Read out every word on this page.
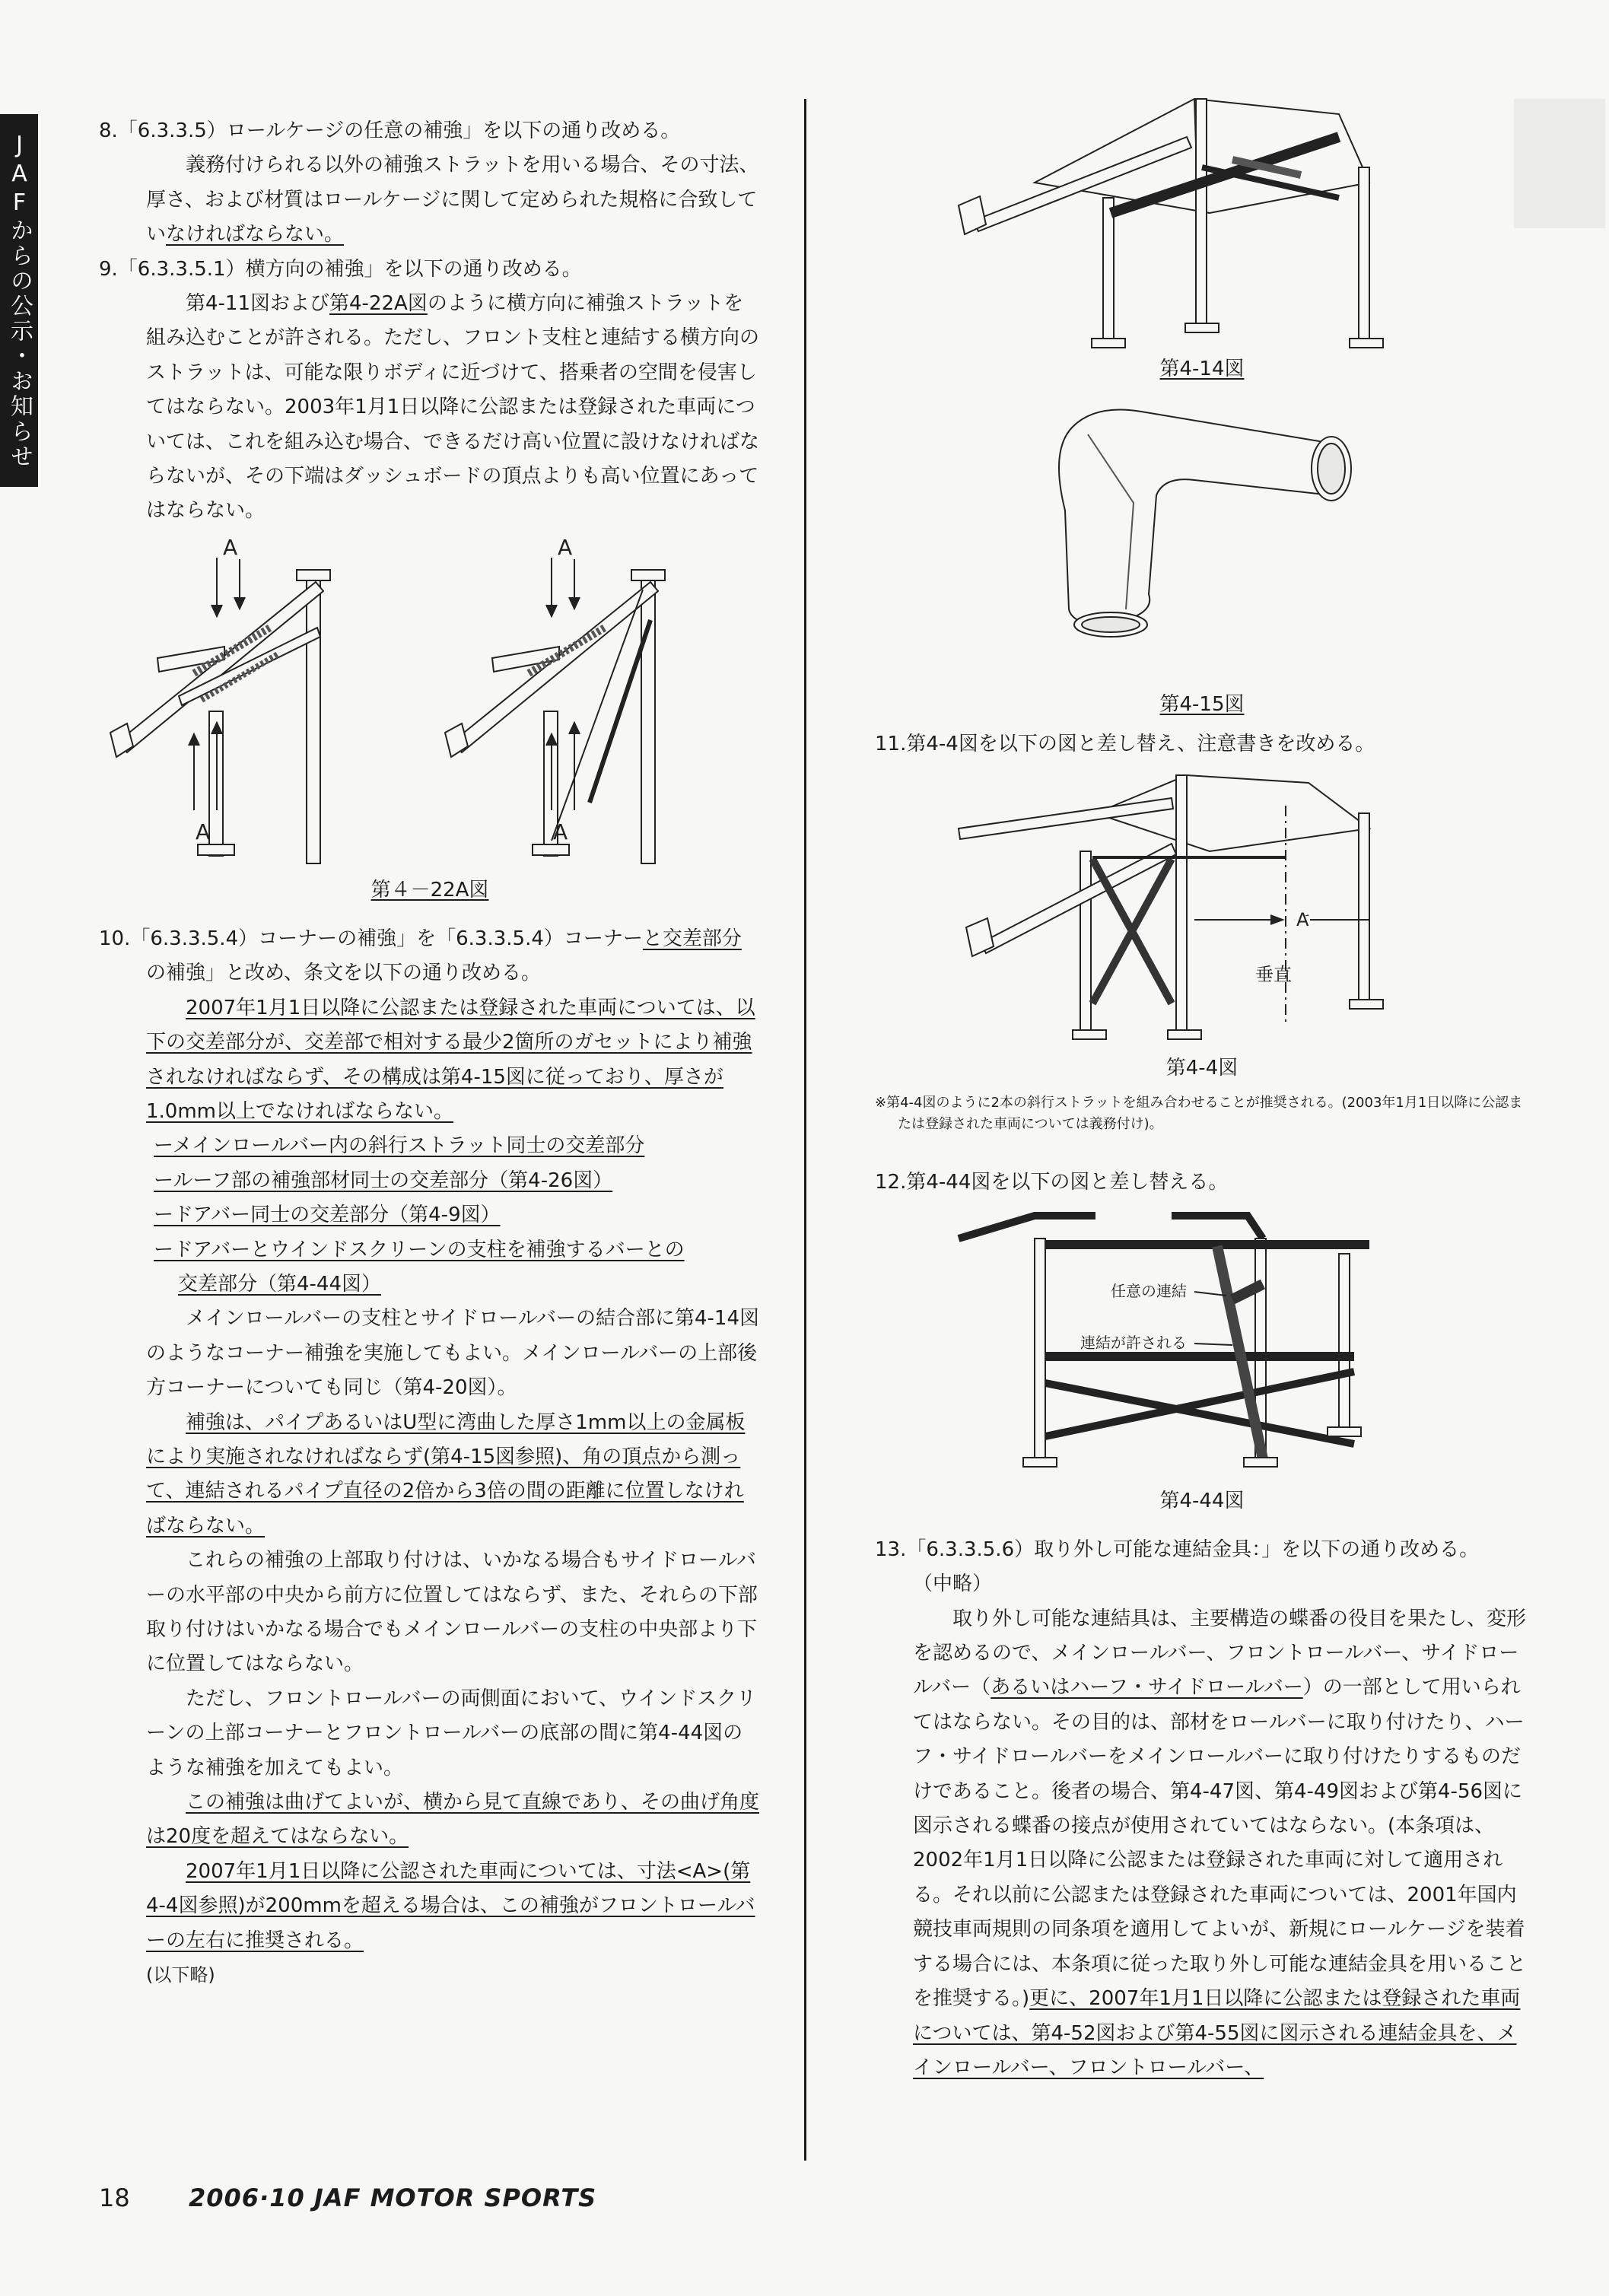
JAFからの公示・お知らせ

8.「6.3.3.5）ロールケージの任意の補強」を以下の通り改める。

義務付けられる以外の補強ストラットを用いる場合、その寸法、厚さ、および材質はロールケージに関して定められた規格に合致していなければならない。

9.「6.3.3.5.1）横方向の補強」を以下の通り改める。

第4-11図および第4-22A図のように横方向に補強ストラットを組み込むことが許される。ただし、フロント支柱と連結する横方向のストラットは、可能な限りボディに近づけて、搭乗者の空間を侵害してはならない。2003年1月1日以降に公認または登録された車両については、これを組み込む場合、できるだけ高い位置に設けなければならないが、その下端はダッシュボードの頂点よりも高い位置にあってはならない。

A
A
A
A

第４－22A図

10.「6.3.3.5.4）コーナーの補強」を「6.3.3.5.4）コーナーと交差部分の補強」と改め、条文を以下の通り改める。

2007年1月1日以降に公認または登録された車両については、以下の交差部分が、交差部で相対する最少2箇所のガセットにより補強されなければならず、その構成は第4-15図に従っており、厚さが1.0mm以上でなければならない。

ーメインロールバー内の斜行ストラット同士の交差部分

ールーフ部の補強部材同士の交差部分（第4-26図）

ードアバー同士の交差部分（第4-9図）

ードアバーとウインドスクリーンの支柱を補強するバーとの

交差部分（第4-44図）

メインロールバーの支柱とサイドロールバーの結合部に第4-14図のようなコーナー補強を実施してもよい。メインロールバーの上部後方コーナーについても同じ（第4-20図）。

補強は、パイプあるいはU型に湾曲した厚さ1mm以上の金属板により実施されなければならず(第4-15図参照)、角の頂点から測って、連結されるパイプ直径の2倍から3倍の間の距離に位置しなければならない。

これらの補強の上部取り付けは、いかなる場合もサイドロールバーの水平部の中央から前方に位置してはならず、また、それらの下部取り付けはいかなる場合でもメインロールバーの支柱の中央部より下に位置してはならない。

ただし、フロントロールバーの両側面において、ウインドスクリーンの上部コーナーとフロントロールバーの底部の間に第4-44図のような補強を加えてもよい。

この補強は曲げてよいが、横から見て直線であり、その曲げ角度は20度を超えてはならない。

2007年1月1日以降に公認された車両については、寸法<A>(第4-4図参照)が200mmを超える場合は、この補強がフロントロールバーの左右に推奨される。

(以下略)

第4-14図

第4-15図

11.第4-4図を以下の図と差し替え、注意書きを改める。

A
垂直

第4-4図

※第4-4図のように2本の斜行ストラットを組み合わせることが推奨される。(2003年1月1日以降に公認または登録された車両については義務付け)。

12.第4-44図を以下の図と差し替える。

任意の連結
連結が許される

第4-44図

13.「6.3.3.5.6）取り外し可能な連結金具：」を以下の通り改める。

（中略）

取り外し可能な連結具は、主要構造の蝶番の役目を果たし、変形を認めるので、メインロールバー、フロントロールバー、サイドロールバー（あるいはハーフ・サイドロールバー）の一部として用いられてはならない。その目的は、部材をロールバーに取り付けたり、ハーフ・サイドロールバーをメインロールバーに取り付けたりするものだけであること。後者の場合、第4-47図、第4-49図および第4-56図に図示される蝶番の接点が使用されていてはならない。(本条項は、2002年1月1日以降に公認または登録された車両に対して適用される。それ以前に公認または登録された車両については、2001年国内競技車両規則の同条項を適用してよいが、新規にロールケージを装着する場合には、本条項に従った取り外し可能な連結金具を用いることを推奨する。)更に、2007年1月1日以降に公認または登録された車両については、第4-52図および第4-55図に図示される連結金具を、メインロールバー、フロントロールバー、

18 2006·10 JAF MOTOR SPORTS
